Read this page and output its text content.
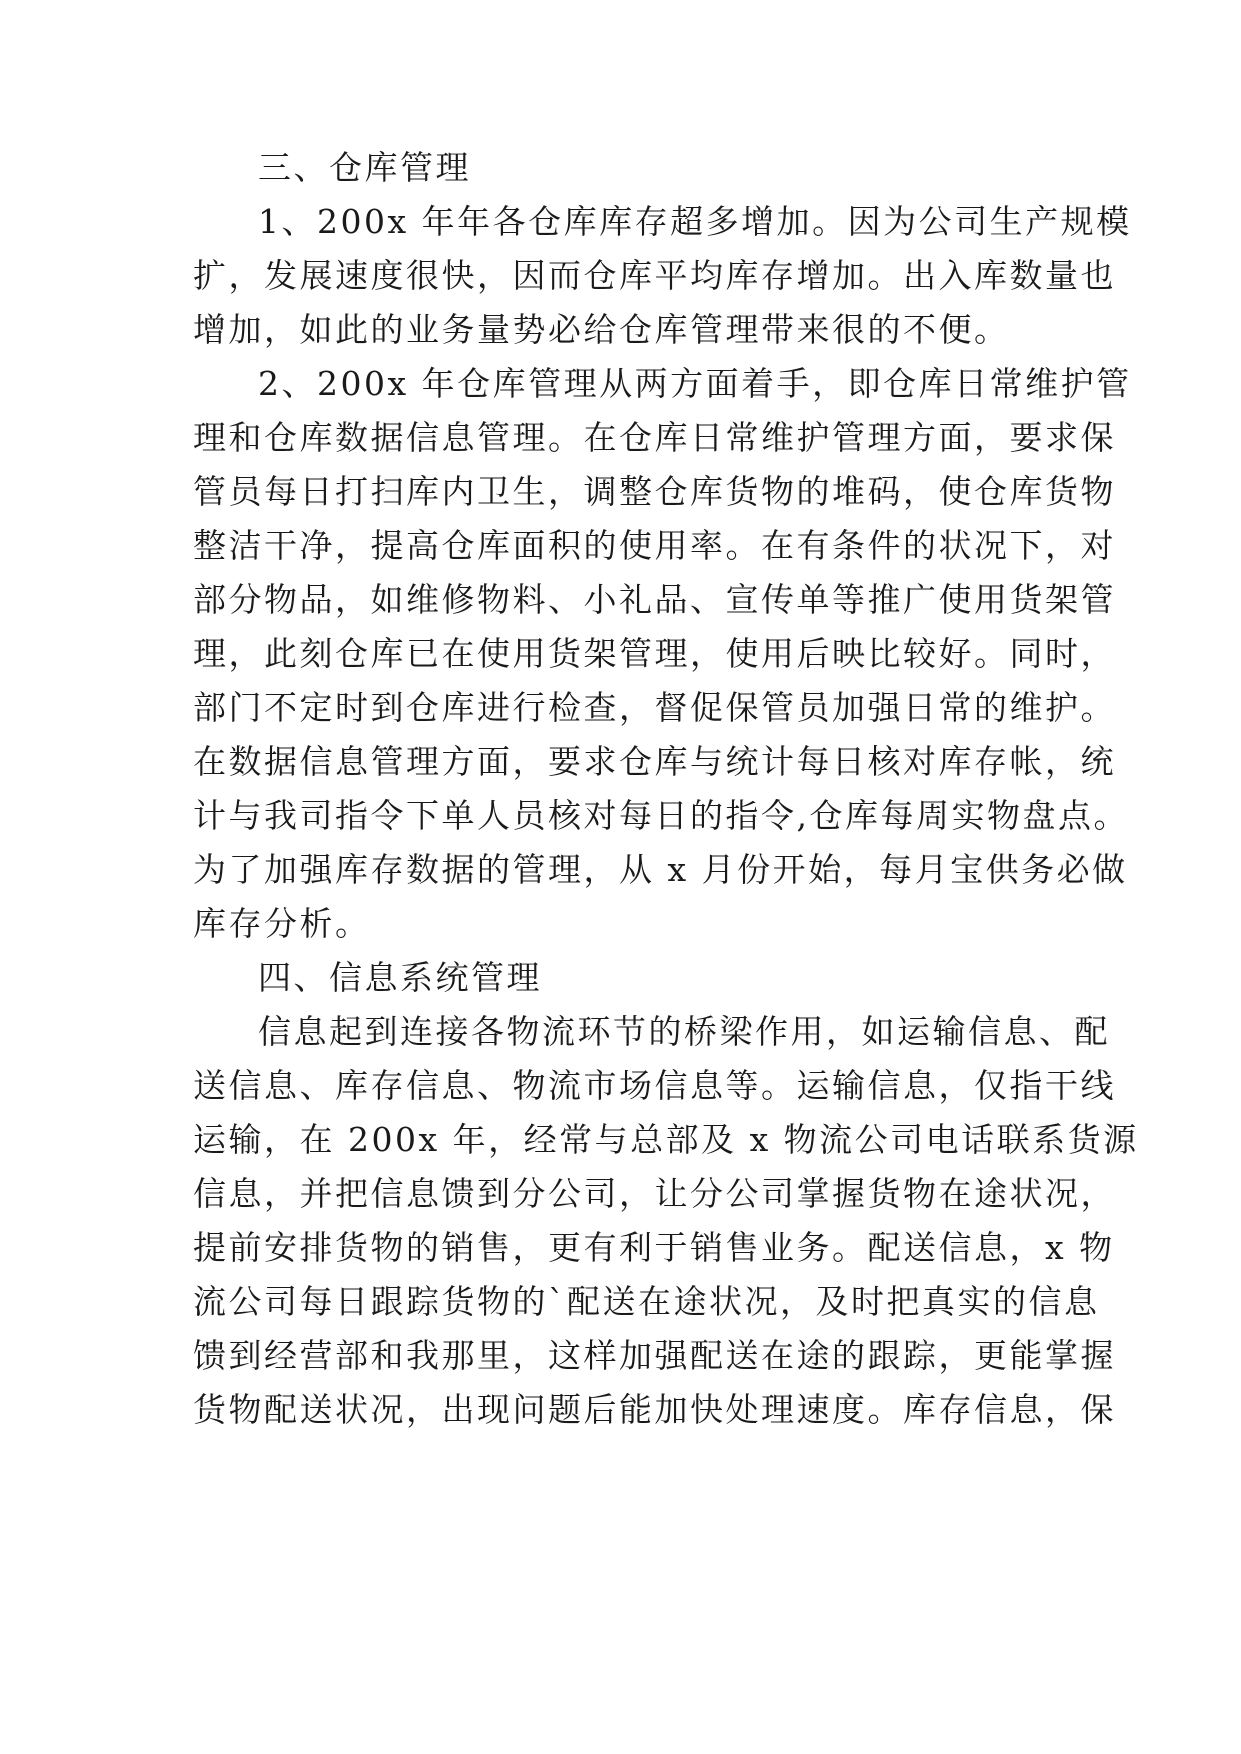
三、仓库管理
1、200x 年年各仓库库存超多增加。因为公司生产规模
扩，发展速度很快，因而仓库平均库存增加。出入库数量也
增加，如此的业务量势必给仓库管理带来很的不便。
2、200x 年仓库管理从两方面着手，即仓库日常维护管
理和仓库数据信息管理。在仓库日常维护管理方面，要求保
管员每日打扫库内卫生，调整仓库货物的堆码，使仓库货物
整洁干净，提高仓库面积的使用率。在有条件的状况下，对
部分物品，如维修物料、小礼品、宣传单等推广使用货架管
理，此刻仓库已在使用货架管理，使用后映比较好。同时，
部门不定时到仓库进行检查，督促保管员加强日常的维护。
在数据信息管理方面，要求仓库与统计每日核对库存帐，统
计与我司指令下单人员核对每日的指令,仓库每周实物盘点。
为了加强库存数据的管理，从 x 月份开始，每月宝供务必做
库存分析。
四、信息系统管理
信息起到连接各物流环节的桥梁作用，如运输信息、配
送信息、库存信息、物流市场信息等。运输信息，仅指干线
运输，在 200x 年，经常与总部及 x 物流公司电话联系货源
信息，并把信息馈到分公司，让分公司掌握货物在途状况，
提前安排货物的销售，更有利于销售业务。配送信息，x 物
流公司每日跟踪货物的`配送在途状况，及时把真实的信息
馈到经营部和我那里，这样加强配送在途的跟踪，更能掌握
货物配送状况，出现问题后能加快处理速度。库存信息，保
